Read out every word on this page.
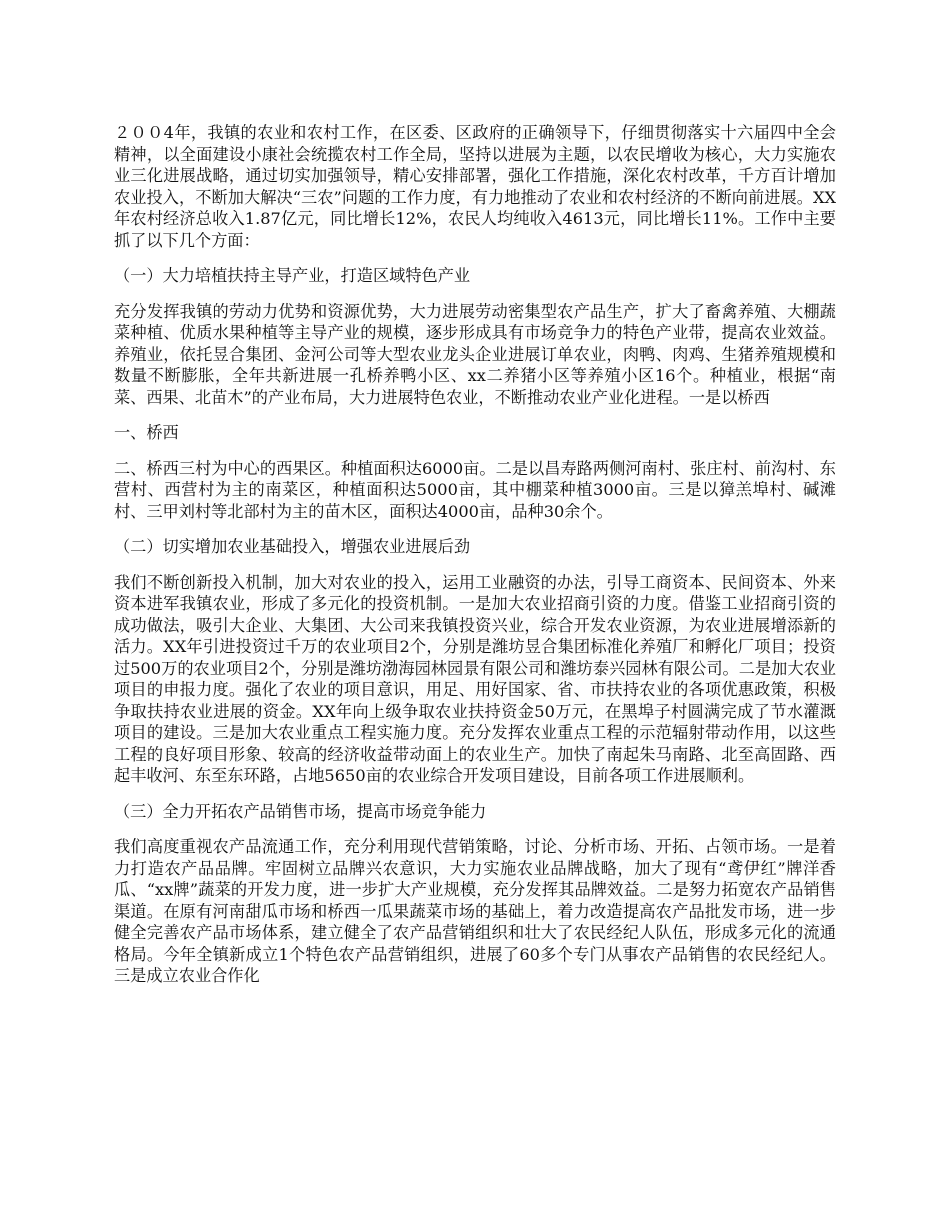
２００4年，我镇的农业和农村工作，在区委、区政府的正确领导下，仔细贯彻落实十六届四中全会精神，以全面建设小康社会统揽农村工作全局，坚持以进展为主题，以农民增收为核心，大力实施农业三化进展战略，通过切实加强领导，精心安排部署，强化工作措施，深化农村改革，千方百计增加农业投入，不断加大解决“三农”问题的工作力度，有力地推动了农业和农村经济的不断向前进展。XX年农村经济总收入1.87亿元，同比增长12%，农民人均纯收入4613元，同比增长11%。工作中主要抓了以下几个方面：

（一）大力培植扶持主导产业，打造区域特色产业

充分发挥我镇的劳动力优势和资源优势，大力进展劳动密集型农产品生产，扩大了畜禽养殖、大棚蔬菜种植、优质水果种植等主导产业的规模，逐步形成具有市场竞争力的特色产业带，提高农业效益。养殖业，依托昱合集团、金河公司等大型农业龙头企业进展订单农业，肉鸭、肉鸡、生猪养殖规模和数量不断膨胀，全年共新进展一孔桥养鸭小区、xx二养猪小区等养殖小区16个。种植业，根据“南菜、西果、北苗木”的产业布局，大力进展特色农业，不断推动农业产业化进程。一是以桥西

一、桥西

二、桥西三村为中心的西果区。种植面积达6000亩。二是以昌寿路两侧河南村、张庄村、前沟村、东营村、西营村为主的南菜区，种植面积达5000亩，其中棚菜种植3000亩。三是以獐羔埠村、碱滩村、三甲刘村等北部村为主的苗木区，面积达4000亩，品种30余个。

（二）切实增加农业基础投入，增强农业进展后劲

我们不断创新投入机制，加大对农业的投入，运用工业融资的办法，引导工商资本、民间资本、外来资本进军我镇农业，形成了多元化的投资机制。一是加大农业招商引资的力度。借鉴工业招商引资的成功做法，吸引大企业、大集团、大公司来我镇投资兴业，综合开发农业资源，为农业进展增添新的活力。XX年引进投资过千万的农业项目2个，分别是潍坊昱合集团标准化养殖厂和孵化厂项目；投资过500万的农业项目2个，分别是潍坊渤海园林园景有限公司和潍坊泰兴园林有限公司。二是加大农业项目的申报力度。强化了农业的项目意识，用足、用好国家、省、市扶持农业的各项优惠政策，积极争取扶持农业进展的资金。XX年向上级争取农业扶持资金50万元，在黑埠子村圆满完成了节水灌溉项目的建设。三是加大农业重点工程实施力度。充分发挥农业重点工程的示范辐射带动作用，以这些工程的良好项目形象、较高的经济收益带动面上的农业生产。加快了南起朱马南路、北至高固路、西起丰收河、东至东环路，占地5650亩的农业综合开发项目建设，目前各项工作进展顺利。

（三）全力开拓农产品销售市场，提高市场竞争能力

我们高度重视农产品流通工作，充分利用现代营销策略，讨论、分析市场、开拓、占领市场。一是着力打造农产品品牌。牢固树立品牌兴农意识，大力实施农业品牌战略，加大了现有“鸢伊红”牌洋香瓜、“xx牌”蔬菜的开发力度，进一步扩大产业规模，充分发挥其品牌效益。二是努力拓宽农产品销售渠道。在原有河南甜瓜市场和桥西一瓜果蔬菜市场的基础上，着力改造提高农产品批发市场，进一步健全完善农产品市场体系，建立健全了农产品营销组织和壮大了农民经纪人队伍，形成多元化的流通格局。今年全镇新成立1个特色农产品营销组织，进展了60多个专门从事农产品销售的农民经纪人。三是成立农业合作化
